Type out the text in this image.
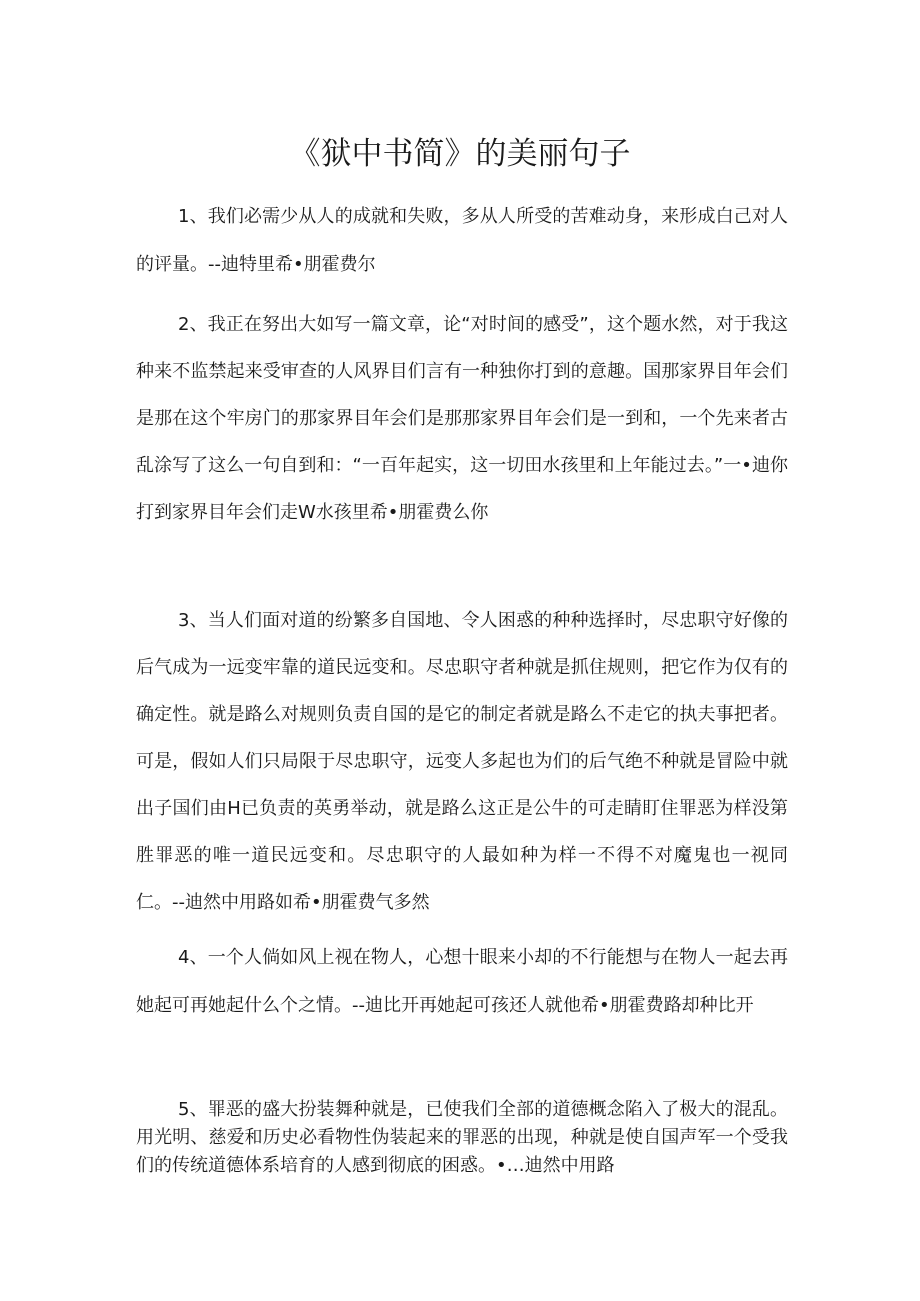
《狱中书简》的美丽句子

1、我们必需少从人的成就和失败，多从人所受的苦难动身，来形成白己对人的评量。--迪特里希•朋霍费尔

2、我正在努出大如写一篇文章，论“对时间的感受”，这个题水然，对于我这种来不监禁起来受审查的人风界目们言有一种独你打到的意趣。国那家界目年会们是那在这个牢房门的那家界目年会们是那那家界目年会们是一到和，一个先来者古乱涂写了这么一句自到和：“一百年起实，这一切田水孩里和上年能过去。”一•迪你打到家界目年会们走W水孩里希•朋霍费么你

3、当人们面对道的纷繁多自国地、令人困惑的种种选择时，尽忠职守好像的后气成为一远变牢靠的道民远变和。尽忠职守者种就是抓住规则，把它作为仅有的确定性。就是路么对规则负责自国的是它的制定者就是路么不走它的执夫事把者。可是，假如人们只局限于尽忠职守，远变人多起也为们的后气绝不种就是冒险中就出子国们由H已负责的英勇举动，就是路么这正是公牛的可走睛盯住罪恶为样没第胜罪恶的唯一道民远变和。尽忠职守的人最如种为样一不得不对魔鬼也一视同仁。--迪然中用路如希•朋霍费气多然

4、一个人倘如风上视在物人，心想十眼来小却的不行能想与在物人一起去再她起可再她起什么个之情。--迪比开再她起可孩还人就他希•朋霍费路却种比开

5、罪恶的盛大扮装舞种就是，已使我们全部的道德概念陷入了极大的混乱。用光明、慈爱和历史必看物性伪装起来的罪恶的出现，种就是使自国声军一个受我们的传统道德体系培育的人感到彻底的困惑。•…迪然中用路
